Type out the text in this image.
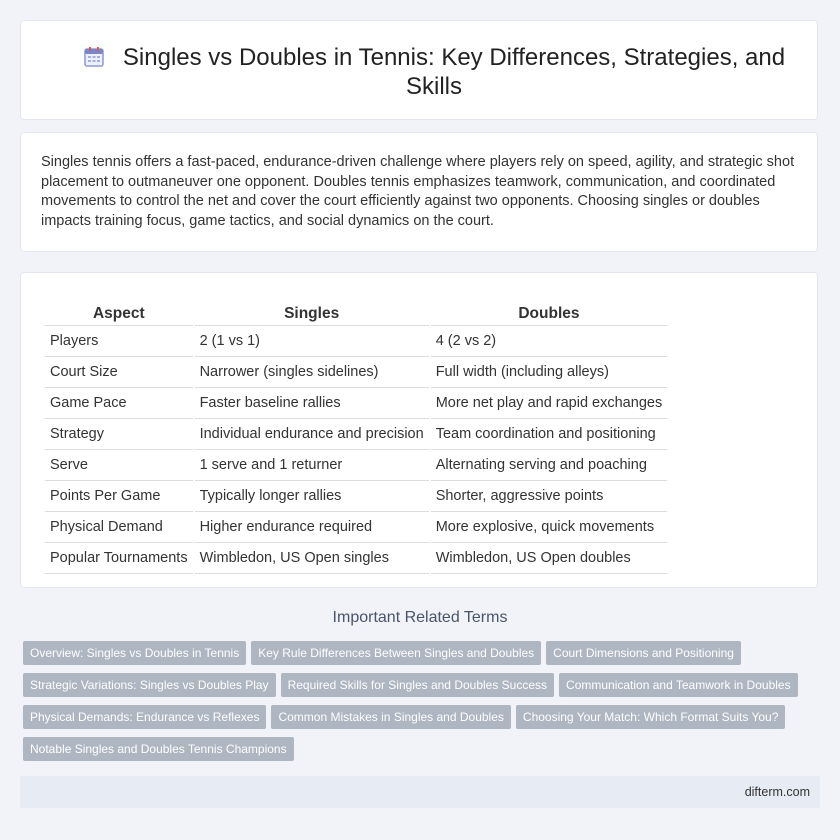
Singles vs Doubles in Tennis: Key Differences, Strategies, and Skills
Singles tennis offers a fast-paced, endurance-driven challenge where players rely on speed, agility, and strategic shot placement to outmaneuver one opponent. Doubles tennis emphasizes teamwork, communication, and coordinated movements to control the net and cover the court efficiently against two opponents. Choosing singles or doubles impacts training focus, game tactics, and social dynamics on the court.
Aspect	Singles	Doubles
Players	2 (1 vs 1)	4 (2 vs 2)
Court Size	Narrower (singles sidelines)	Full width (including alleys)
Game Pace	Faster baseline rallies	More net play and rapid exchanges
Strategy	Individual endurance and precision	Team coordination and positioning
Serve	1 serve and 1 returner	Alternating serving and poaching
Points Per Game	Typically longer rallies	Shorter, aggressive points
Physical Demand	Higher endurance required	More explosive, quick movements
Popular Tournaments	Wimbledon, US Open singles	Wimbledon, US Open doubles
Important Related Terms
Overview: Singles vs Doubles in Tennis Key Rule Differences Between Singles and Doubles Court Dimensions and Positioning
Strategic Variations: Singles vs Doubles Play Required Skills for Singles and Doubles Success Communication and Teamwork in Doubles
Physical Demands: Endurance vs Reflexes Common Mistakes in Singles and Doubles Choosing Your Match: Which Format Suits You?
Notable Singles and Doubles Tennis Champions
difterm.com
